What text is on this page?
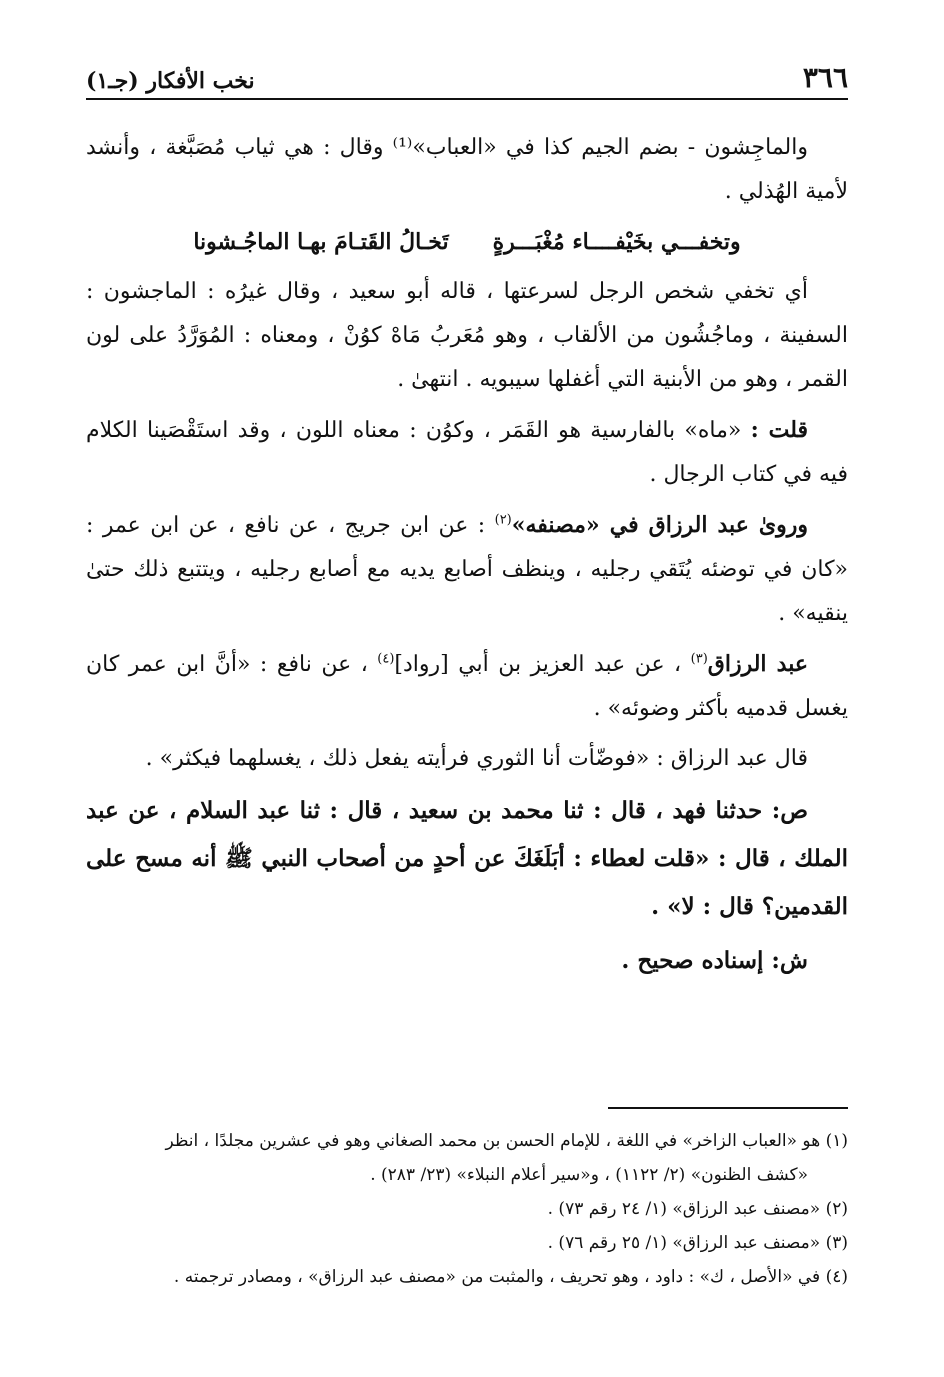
٣٦٦
نخب الأفكار (جـ١)

والماجِشون - بضم الجيم كذا في «العباب»⁽¹⁾ وقال : هي ثياب مُصَبَّغة ، وأنشد لأمية الهُذلي .

وتخفـــي بخَيْفــــاء مُغْبَـــرةٍ
تَخـالُ القَتـامَ بهـا الماجُـشونا

أي تخفي شخص الرجل لسرعتها ، قاله أبو سعيد ، وقال غيرُه : الماجشون : السفينة ، وماجُشُون من الألقاب ، وهو مُعَربُ مَاهْ كوُنْ ، ومعناه : المُوَرَّدُ على لون القمر ، وهو من الأبنية التي أغفلها سيبويه . انتهىٰ .

قلت : «ماه» بالفارسية هو القَمَر ، وكوُن : معناه اللون ، وقد استَقْصَينا الكلام فيه في كتاب الرجال .

وروىٰ عبد الرزاق في «مصنفه»$^{(٢)}$ : عن ابن جريج ، عن نافع ، عن ابن عمر : «كان في توضئه يُتَقي رجليه ، وينظف أصابع يديه مع أصابع رجليه ، ويتتبع ذلك حتىٰ ينقيه» .

عبد الرزاق$^{(٣)}$ ، عن عبد العزيز بن أبي [رواد]$^{(٤)}$ ، عن نافع : «أنَّ ابن عمر كان يغسل قدميه بأكثر وضوئه» .

قال عبد الرزاق : «فوضّأت أنا الثوري فرأيته يفعل ذلك ، يغسلهما فيكثر» .

ص: حدثنا فهد ، قال : ثنا محمد بن سعيد ، قال : ثنا عبد السلام ، عن عبد الملك ، قال : «قلت لعطاء : أبَلَغَكَ عن أحدٍ من أصحاب النبي ﷺ أنه مسح على القدمين؟ قال : لا» .

ش: إسناده صحيح .

(١) هو «العباب الزاخر» في اللغة ، للإمام الحسن بن محمد الصغاني وهو في عشرين مجلدًا ، انظر

«كشف الظنون» (٢/ ١١٢٢) ، و«سير أعلام النبلاء» (٢٣/ ٢٨٣) .

(٢) «مصنف عبد الرزاق» (١/ ٢٤ رقم ٧٣) .

(٣) «مصنف عبد الرزاق» (١/ ٢٥ رقم ٧٦) .

(٤) في «الأصل ، ك» : داود ، وهو تحريف ، والمثبت من «مصنف عبد الرزاق» ، ومصادر ترجمته .
